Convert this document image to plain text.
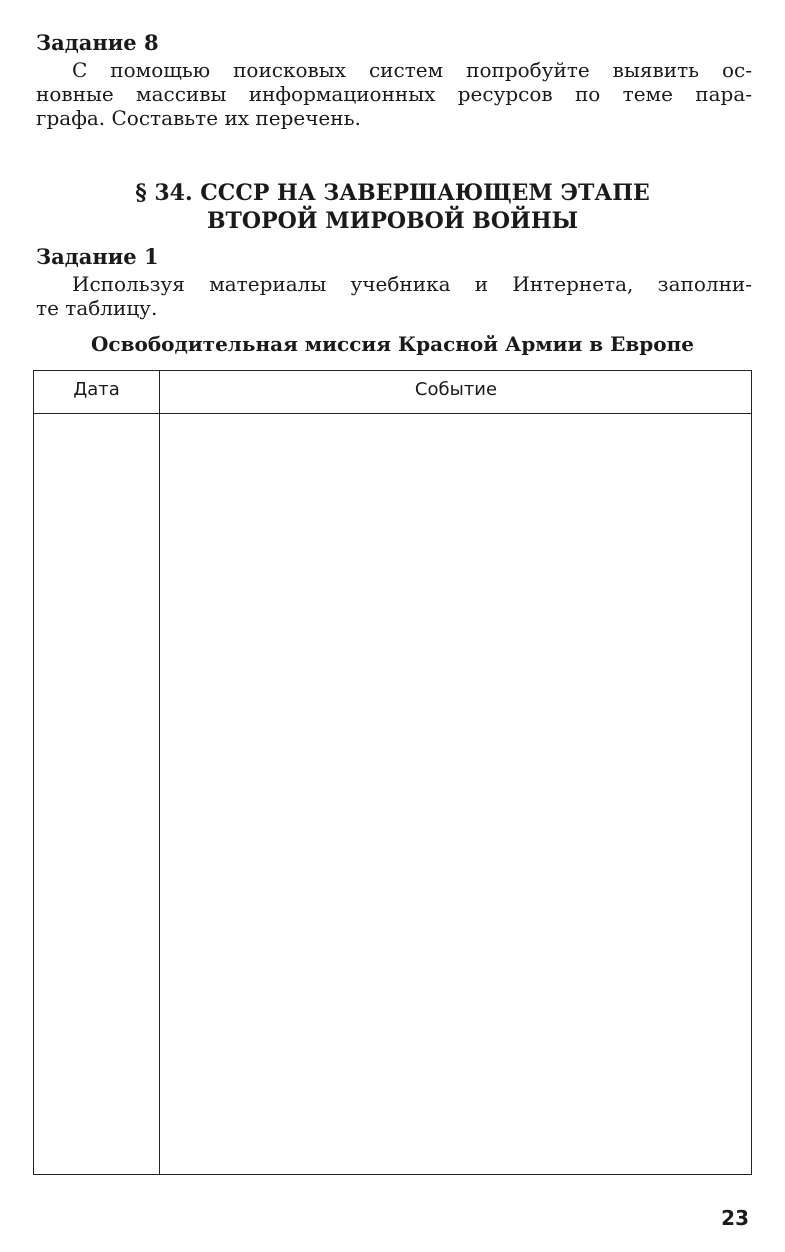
Задание 8

С помощью поисковых систем попробуйте выявить ос-

новные массивы информационных ресурсов по теме пара-

графа. Составьте их перечень.

§ 34. СССР НА ЗАВЕРШАЮЩЕМ ЭТАПЕ
ВТОРОЙ МИРОВОЙ ВОЙНЫ
Задание 1

Используя материалы учебника и Интернета, заполни-

те таблицу.

Освободительная миссия Красной Армии в Европе
Дата	Событие

23
